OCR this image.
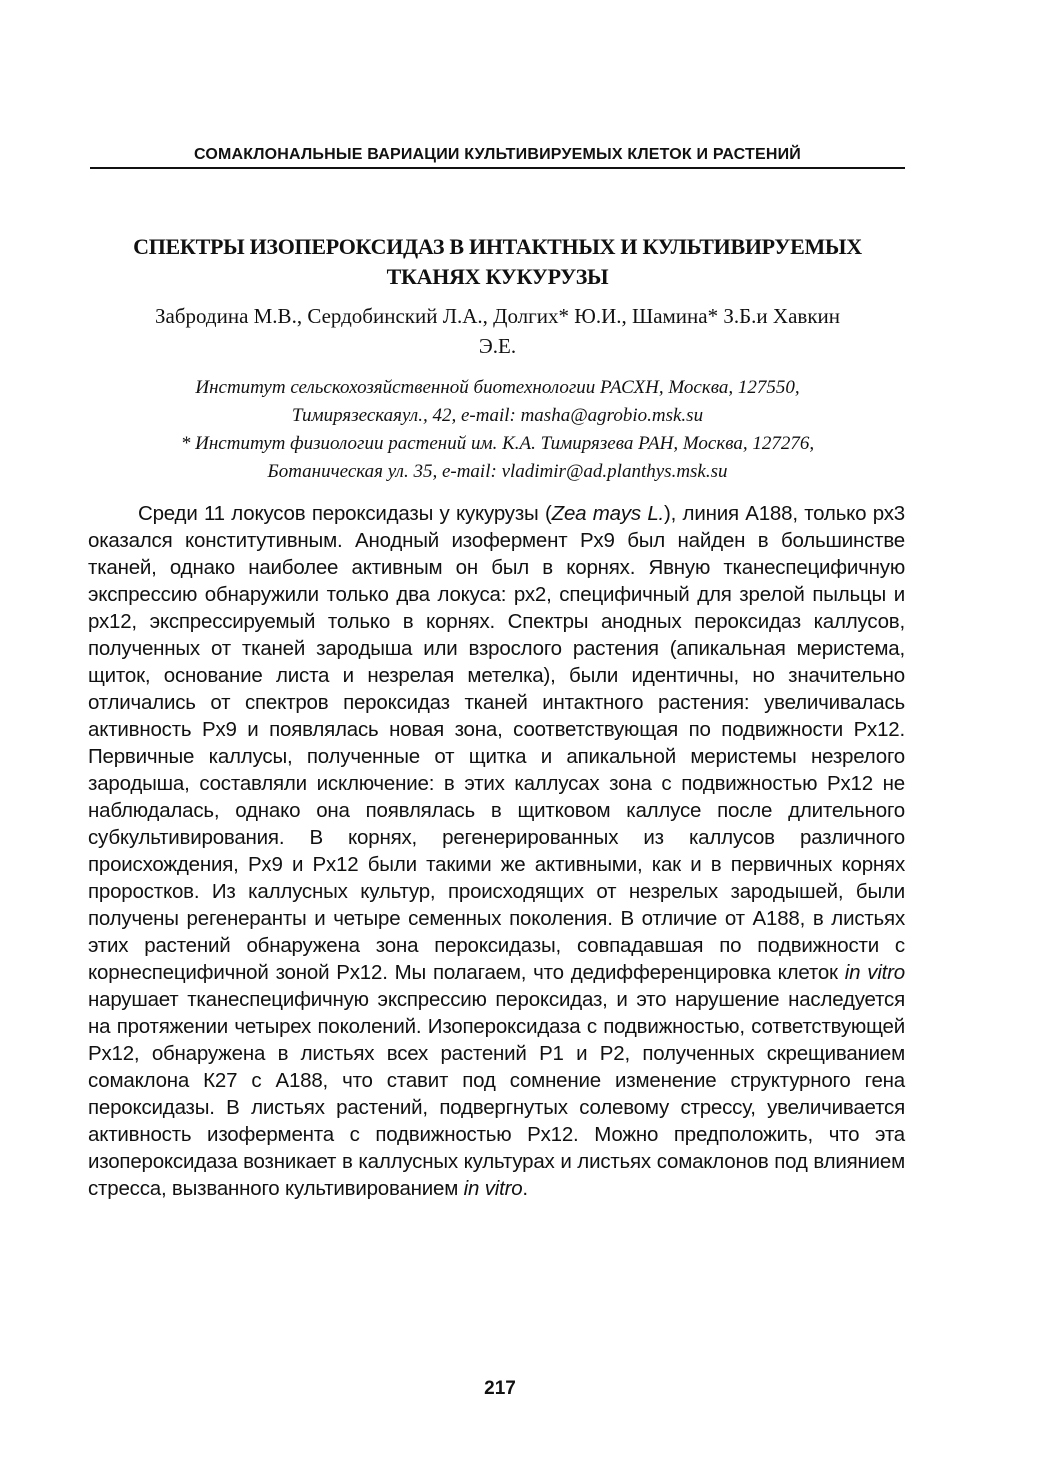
СОМАКЛОНАЛЬНЫЕ ВАРИАЦИИ КУЛЬТИВИРУЕМЫХ КЛЕТОК И РАСТЕНИЙ
СПЕКТРЫ ИЗОПЕРОКСИДАЗ В ИНТАКТНЫХ И КУЛЬТИВИРУЕМЫХ
ТКАНЯХ КУКУРУЗЫ
Забродина М.В., Сердобинский Л.А., Долгих* Ю.И., Шамина* З.Б.и Хавкин
Э.Е.
Институт сельскохозяйственной биотехнологии РАСХН, Москва, 127550,
Тимирязескаяул., 42, e-mail: masha@agrobio.msk.su
* Институт физиологии растений им. К.А. Тимирязева РАН, Москва, 127276,
Ботаническая ул. 35, e-mail: vladimir@ad.planthys.msk.su

Среди 11 локусов пероксидазы у кукурузы (Zea mays L.), линия А188, только рх3 оказался конститутивным. Анодный изофермент Рх9 был найден в большинстве тканей, однако наиболее активным он был в корнях. Явную тканеспецифичную экспрессию обнаружили только два локуса: рх2, специфичный для зрелой пыльцы и рх12, экспрессируемый только в корнях. Спектры анодных пероксидаз каллусов, полученных от тканей зародыша или взрослого растения (апикальная меристема, щиток, основание листа и незрелая метелка), были идентичны, но значительно отличались от спектров пероксидаз тканей интактного растения: увеличивалась активность Рх9 и появлялась новая зона, соответствующая по подвижности Рх12. Первичные каллусы, полученные от щитка и апикальной меристемы незрелого зародыша, составляли исключение: в этих каллусах зона с подвижностью Рх12 не наблюдалась, однако она появлялась в щитковом каллусе после длительного субкультивирования. В корнях, регенерированных из каллусов различного происхождения, Рх9 и Рх12 были такими же активными, как и в первичных корнях проростков. Из каллусных культур, происходящих от незрелых зародышей, были получены регенеранты и четыре семенных поколения. В отличие от А188, в листьях этих растений обнаружена зона пероксидазы, совпадавшая по подвижности с корнеспецифичной зоной Рх12. Мы полагаем, что дедифференцировка клеток in vitro нарушает тканеспецифичную экспрессию пероксидаз, и это нарушение наследуется на протяжении четырех поколений. Изопероксидаза с подвижностью, сответствующей Рх12, обнаружена в листьях всех растений Р1 и Р2, полученных скрещиванием сомаклона К27 с А188, что ставит под сомнение изменение структурного гена пероксидазы. В листьях растений, подвергнутых солевому стрессу, увеличивается активность изофермента с подвижностью Рх12. Можно предположить, что эта изопероксидаза возникает в каллусных культурах и листьях сомаклонов под влиянием стресса, вызванного культивированием in vitro.

217
